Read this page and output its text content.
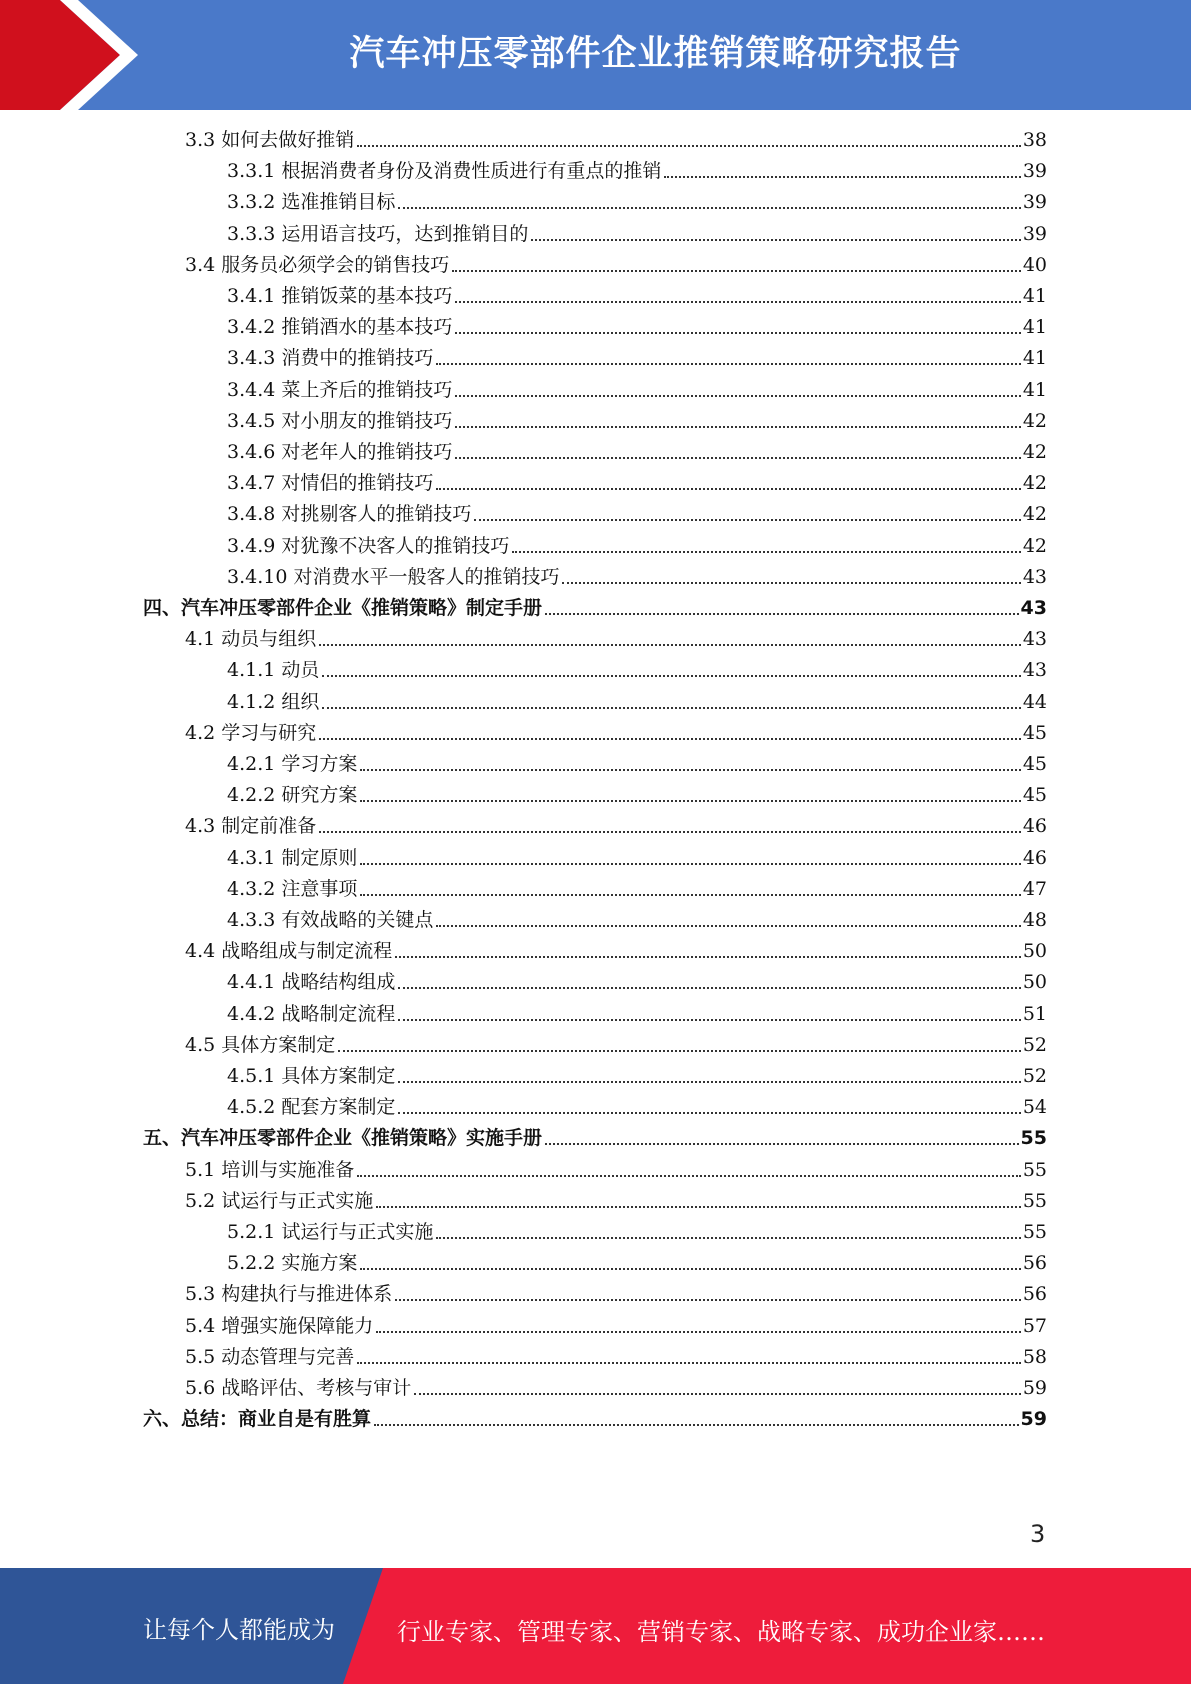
汽车冲压零部件企业推销策略研究报告
3.3 如何去做好推销	38
3.3.1 根据消费者身份及消费性质进行有重点的推销	39
3.3.2 选准推销目标	39
3.3.3 运用语言技巧，达到推销目的	39
3.4 服务员必须学会的销售技巧	40
3.4.1 推销饭菜的基本技巧	41
3.4.2 推销酒水的基本技巧	41
3.4.3 消费中的推销技巧	41
3.4.4 菜上齐后的推销技巧	41
3.4.5 对小朋友的推销技巧	42
3.4.6 对老年人的推销技巧	42
3.4.7 对情侣的推销技巧	42
3.4.8 对挑剔客人的推销技巧	42
3.4.9 对犹豫不决客人的推销技巧	42
3.4.10 对消费水平一般客人的推销技巧	43
四、汽车冲压零部件企业《推销策略》制定手册	43
4.1 动员与组织	43
4.1.1 动员	43
4.1.2 组织	44
4.2 学习与研究	45
4.2.1 学习方案	45
4.2.2 研究方案	45
4.3 制定前准备	46
4.3.1 制定原则	46
4.3.2 注意事项	47
4.3.3 有效战略的关键点	48
4.4 战略组成与制定流程	50
4.4.1 战略结构组成	50
4.4.2 战略制定流程	51
4.5 具体方案制定	52
4.5.1 具体方案制定	52
4.5.2 配套方案制定	54
五、汽车冲压零部件企业《推销策略》实施手册	55
5.1 培训与实施准备	55
5.2 试运行与正式实施	55
5.2.1 试运行与正式实施	55
5.2.2 实施方案	56
5.3 构建执行与推进体系	56
5.4 增强实施保障能力	57
5.5 动态管理与完善	58
5.6 战略评估、考核与审计	59
六、总结：商业自是有胜算	59
3
让每个人都能成为	行业专家、管理专家、营销专家、战略专家、成功企业家……
